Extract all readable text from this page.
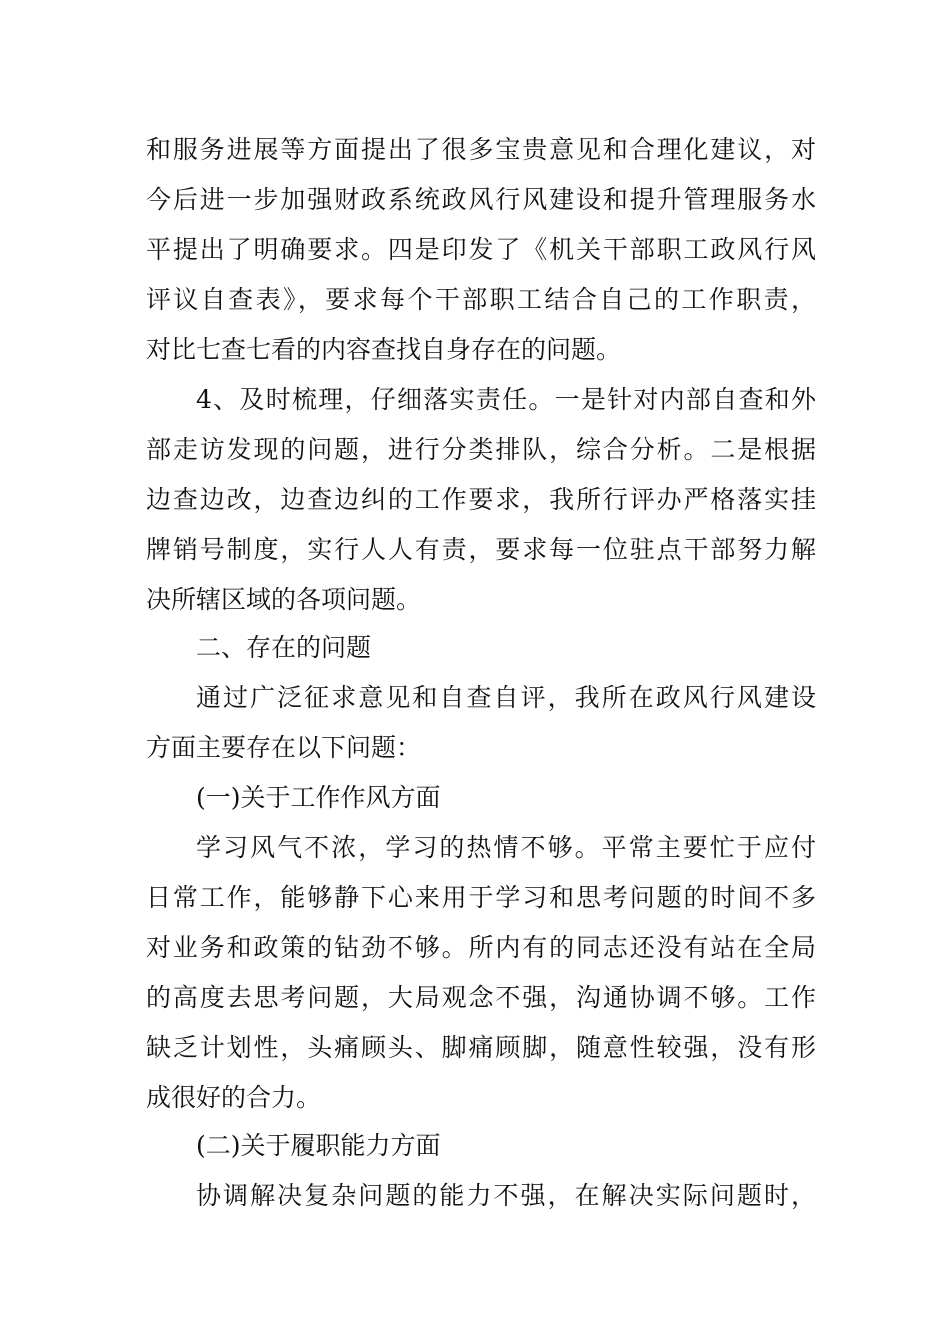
和服务进展等方面提出了很多宝贵意见和合理化建议，对
今后进一步加强财政系统政风行风建设和提升管理服务水
平提出了明确要求。四是印发了《机关干部职工政风行风
评议自查表》，要求每个干部职工结合自己的工作职责，
对比七查七看的内容查找自身存在的问题。
4、及时梳理，仔细落实责任。一是针对内部自查和外
部走访发现的问题，进行分类排队，综合分析。二是根据
边查边改，边查边纠的工作要求，我所行评办严格落实挂
牌销号制度，实行人人有责，要求每一位驻点干部努力解
决所辖区域的各项问题。
二、存在的问题
通过广泛征求意见和自查自评，我所在政风行风建设
方面主要存在以下问题：
(一)关于工作作风方面
学习风气不浓，学习的热情不够。平常主要忙于应付
日常工作，能够静下心来用于学习和思考问题的时间不多
对业务和政策的钻劲不够。所内有的同志还没有站在全局
的高度去思考问题，大局观念不强，沟通协调不够。工作
缺乏计划性，头痛顾头、脚痛顾脚，随意性较强，没有形
成很好的合力。
(二)关于履职能力方面
协调解决复杂问题的能力不强，在解决实际问题时，
